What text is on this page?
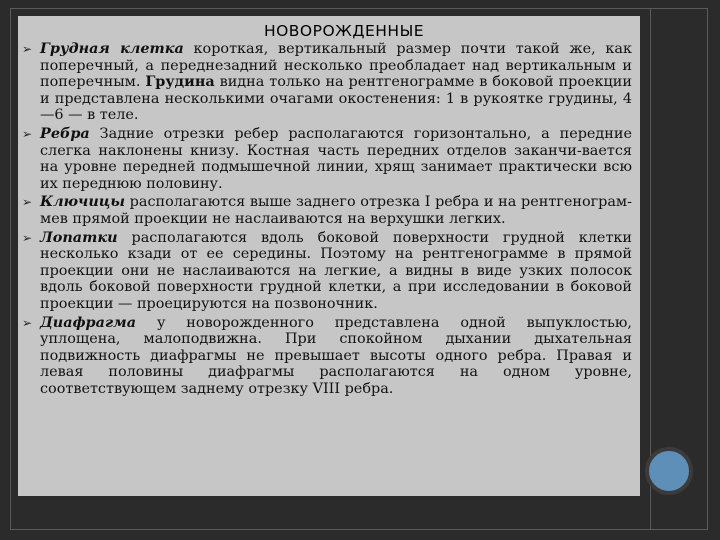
НОВОРОЖДЕННЫЕ
➢ Грудная клетка короткая, вертикальный размер почти такой же, как поперечный, а переднезадний несколько преобладает над вертикальным и поперечным. Грудина видна только на рентгенограмме в боковой проекции и представлена несколькими очагами окостенения: 1 в рукоятке грудины, 4—6 — в теле.
➢ Ребра Задние отрезки ребер располагаются горизонтально, а передние слегка наклонены книзу. Костная часть передних отделов заканчи-вается на уровне передней подмышечной линии, хрящ занимает практически всю их переднюю половину.
➢ Ключицы располагаются выше заднего отрезка I ребра и на рентгенограм-мев прямой проекции не наслаиваются на верхушки легких.
➢ Лопатки располагаются вдоль боковой поверхности грудной клетки несколько кзади от ее середины. Поэтому на рентгенограмме в прямой проекции они не наслаиваются на легкие, а видны в виде узких полосок вдоль боковой поверхности грудной клетки, а при исследовании в боковой проекции — проецируются на позвоночник.
➢ Диафрагма у новорожденного представлена одной выпуклостью, уплощена, малоподвижна. При спокойном дыхании дыхательная подвижность диафрагмы не превышает высоты одного ребра. Правая и левая половины диафрагмы располагаются на одном уровне, соответствующем заднему отрезку VIII ребра.
